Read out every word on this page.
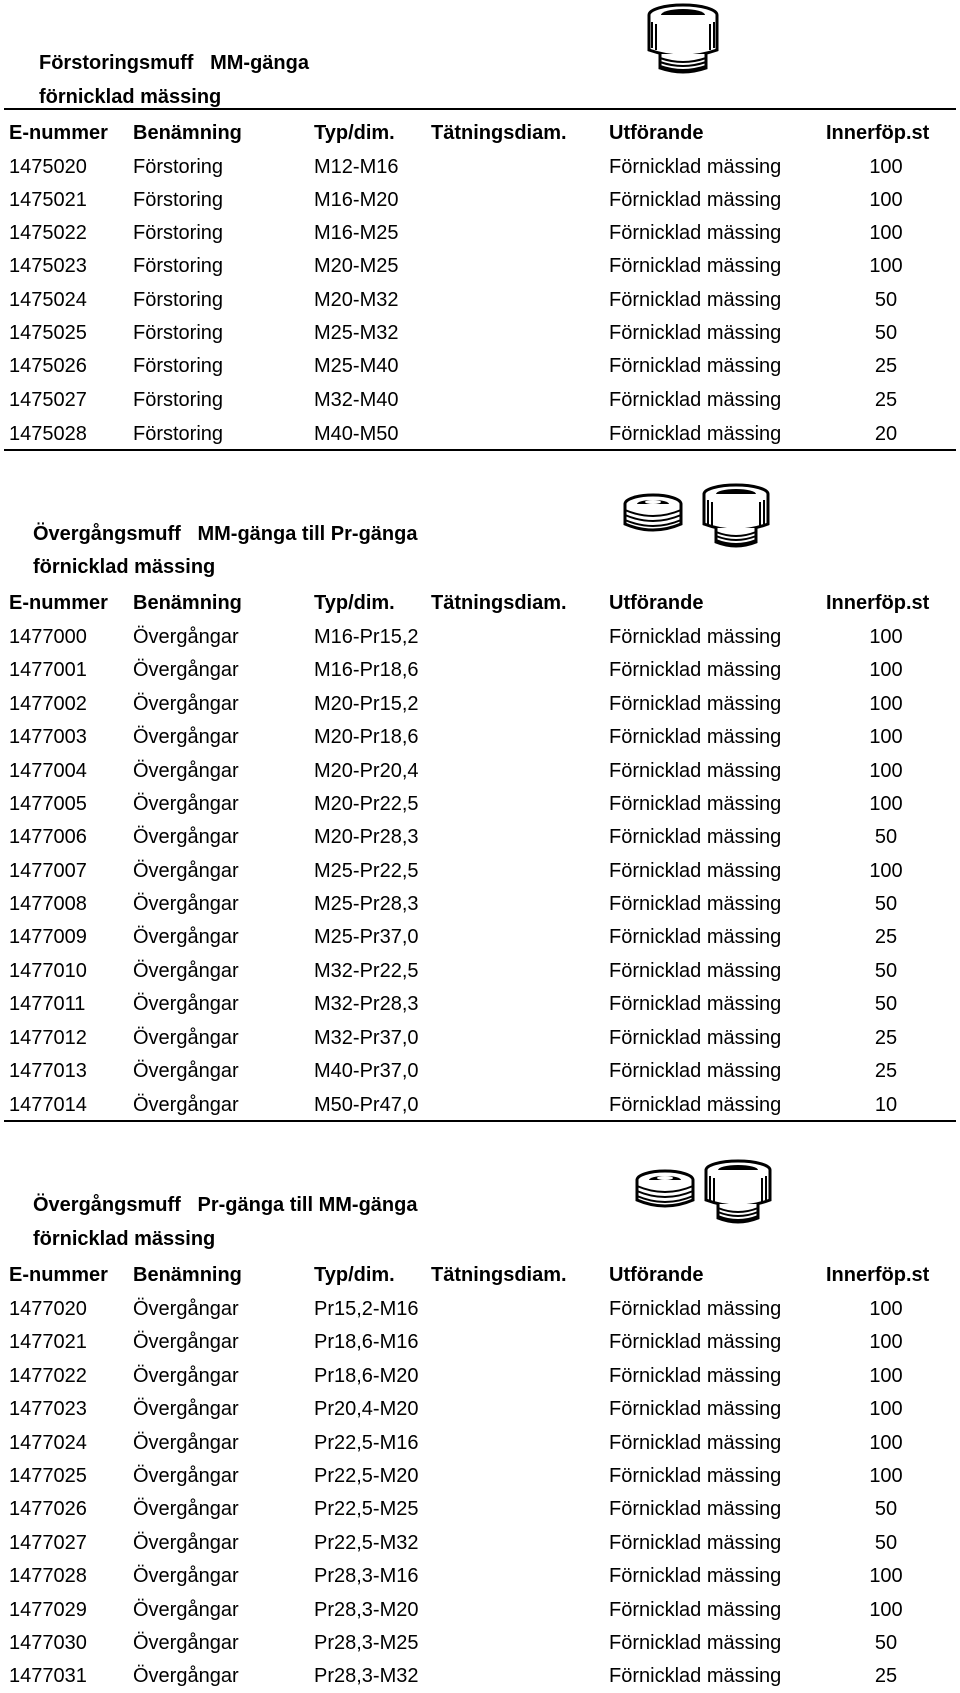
Förstoringsmuff   MM-gänga
förnicklad mässing
E-nummer Benämning	Typ/dim. Tätningsdiam. Utförande	Innerföp.st
1475020 Förstoring	M12-M16	Förnicklad mässing	100
1475021 Förstoring	M16-M20	Förnicklad mässing	100
1475022 Förstoring	M16-M25	Förnicklad mässing	100
1475023 Förstoring	M20-M25	Förnicklad mässing	100
1475024 Förstoring	M20-M32	Förnicklad mässing	50
1475025 Förstoring	M25-M32	Förnicklad mässing	50
1475026 Förstoring	M25-M40	Förnicklad mässing	25
1475027 Förstoring	M32-M40	Förnicklad mässing	25
1475028 Förstoring	M40-M50	Förnicklad mässing	20
Övergångsmuff   MM-gänga till Pr-gänga
förnicklad mässing
E-nummer Benämning	Typ/dim. Tätningsdiam. Utförande	Innerföp.st
1477000 Övergångar	M16-Pr15,2	Förnicklad mässing	100
1477001 Övergångar	M16-Pr18,6	Förnicklad mässing	100
1477002 Övergångar	M20-Pr15,2	Förnicklad mässing	100
1477003 Övergångar	M20-Pr18,6	Förnicklad mässing	100
1477004 Övergångar	M20-Pr20,4	Förnicklad mässing	100
1477005 Övergångar	M20-Pr22,5	Förnicklad mässing	100
1477006 Övergångar	M20-Pr28,3	Förnicklad mässing	50
1477007 Övergångar	M25-Pr22,5	Förnicklad mässing	100
1477008 Övergångar	M25-Pr28,3	Förnicklad mässing	50
1477009 Övergångar	M25-Pr37,0	Förnicklad mässing	25
1477010 Övergångar	M32-Pr22,5	Förnicklad mässing	50
1477011 Övergångar	M32-Pr28,3	Förnicklad mässing	50
1477012 Övergångar	M32-Pr37,0	Förnicklad mässing	25
1477013 Övergångar	M40-Pr37,0	Förnicklad mässing	25
1477014 Övergångar	M50-Pr47,0	Förnicklad mässing	10
Övergångsmuff   Pr-gänga till MM-gänga
förnicklad mässing
E-nummer Benämning	Typ/dim. Tätningsdiam. Utförande	Innerföp.st
1477020 Övergångar	Pr15,2-M16	Förnicklad mässing	100
1477021 Övergångar	Pr18,6-M16	Förnicklad mässing	100
1477022 Övergångar	Pr18,6-M20	Förnicklad mässing	100
1477023 Övergångar	Pr20,4-M20	Förnicklad mässing	100
1477024 Övergångar	Pr22,5-M16	Förnicklad mässing	100
1477025 Övergångar	Pr22,5-M20	Förnicklad mässing	100
1477026 Övergångar	Pr22,5-M25	Förnicklad mässing	50
1477027 Övergångar	Pr22,5-M32	Förnicklad mässing	50
1477028 Övergångar	Pr28,3-M16	Förnicklad mässing	100
1477029 Övergångar	Pr28,3-M20	Förnicklad mässing	100
1477030 Övergångar	Pr28,3-M25	Förnicklad mässing	50
1477031 Övergångar	Pr28,3-M32	Förnicklad mässing	25
